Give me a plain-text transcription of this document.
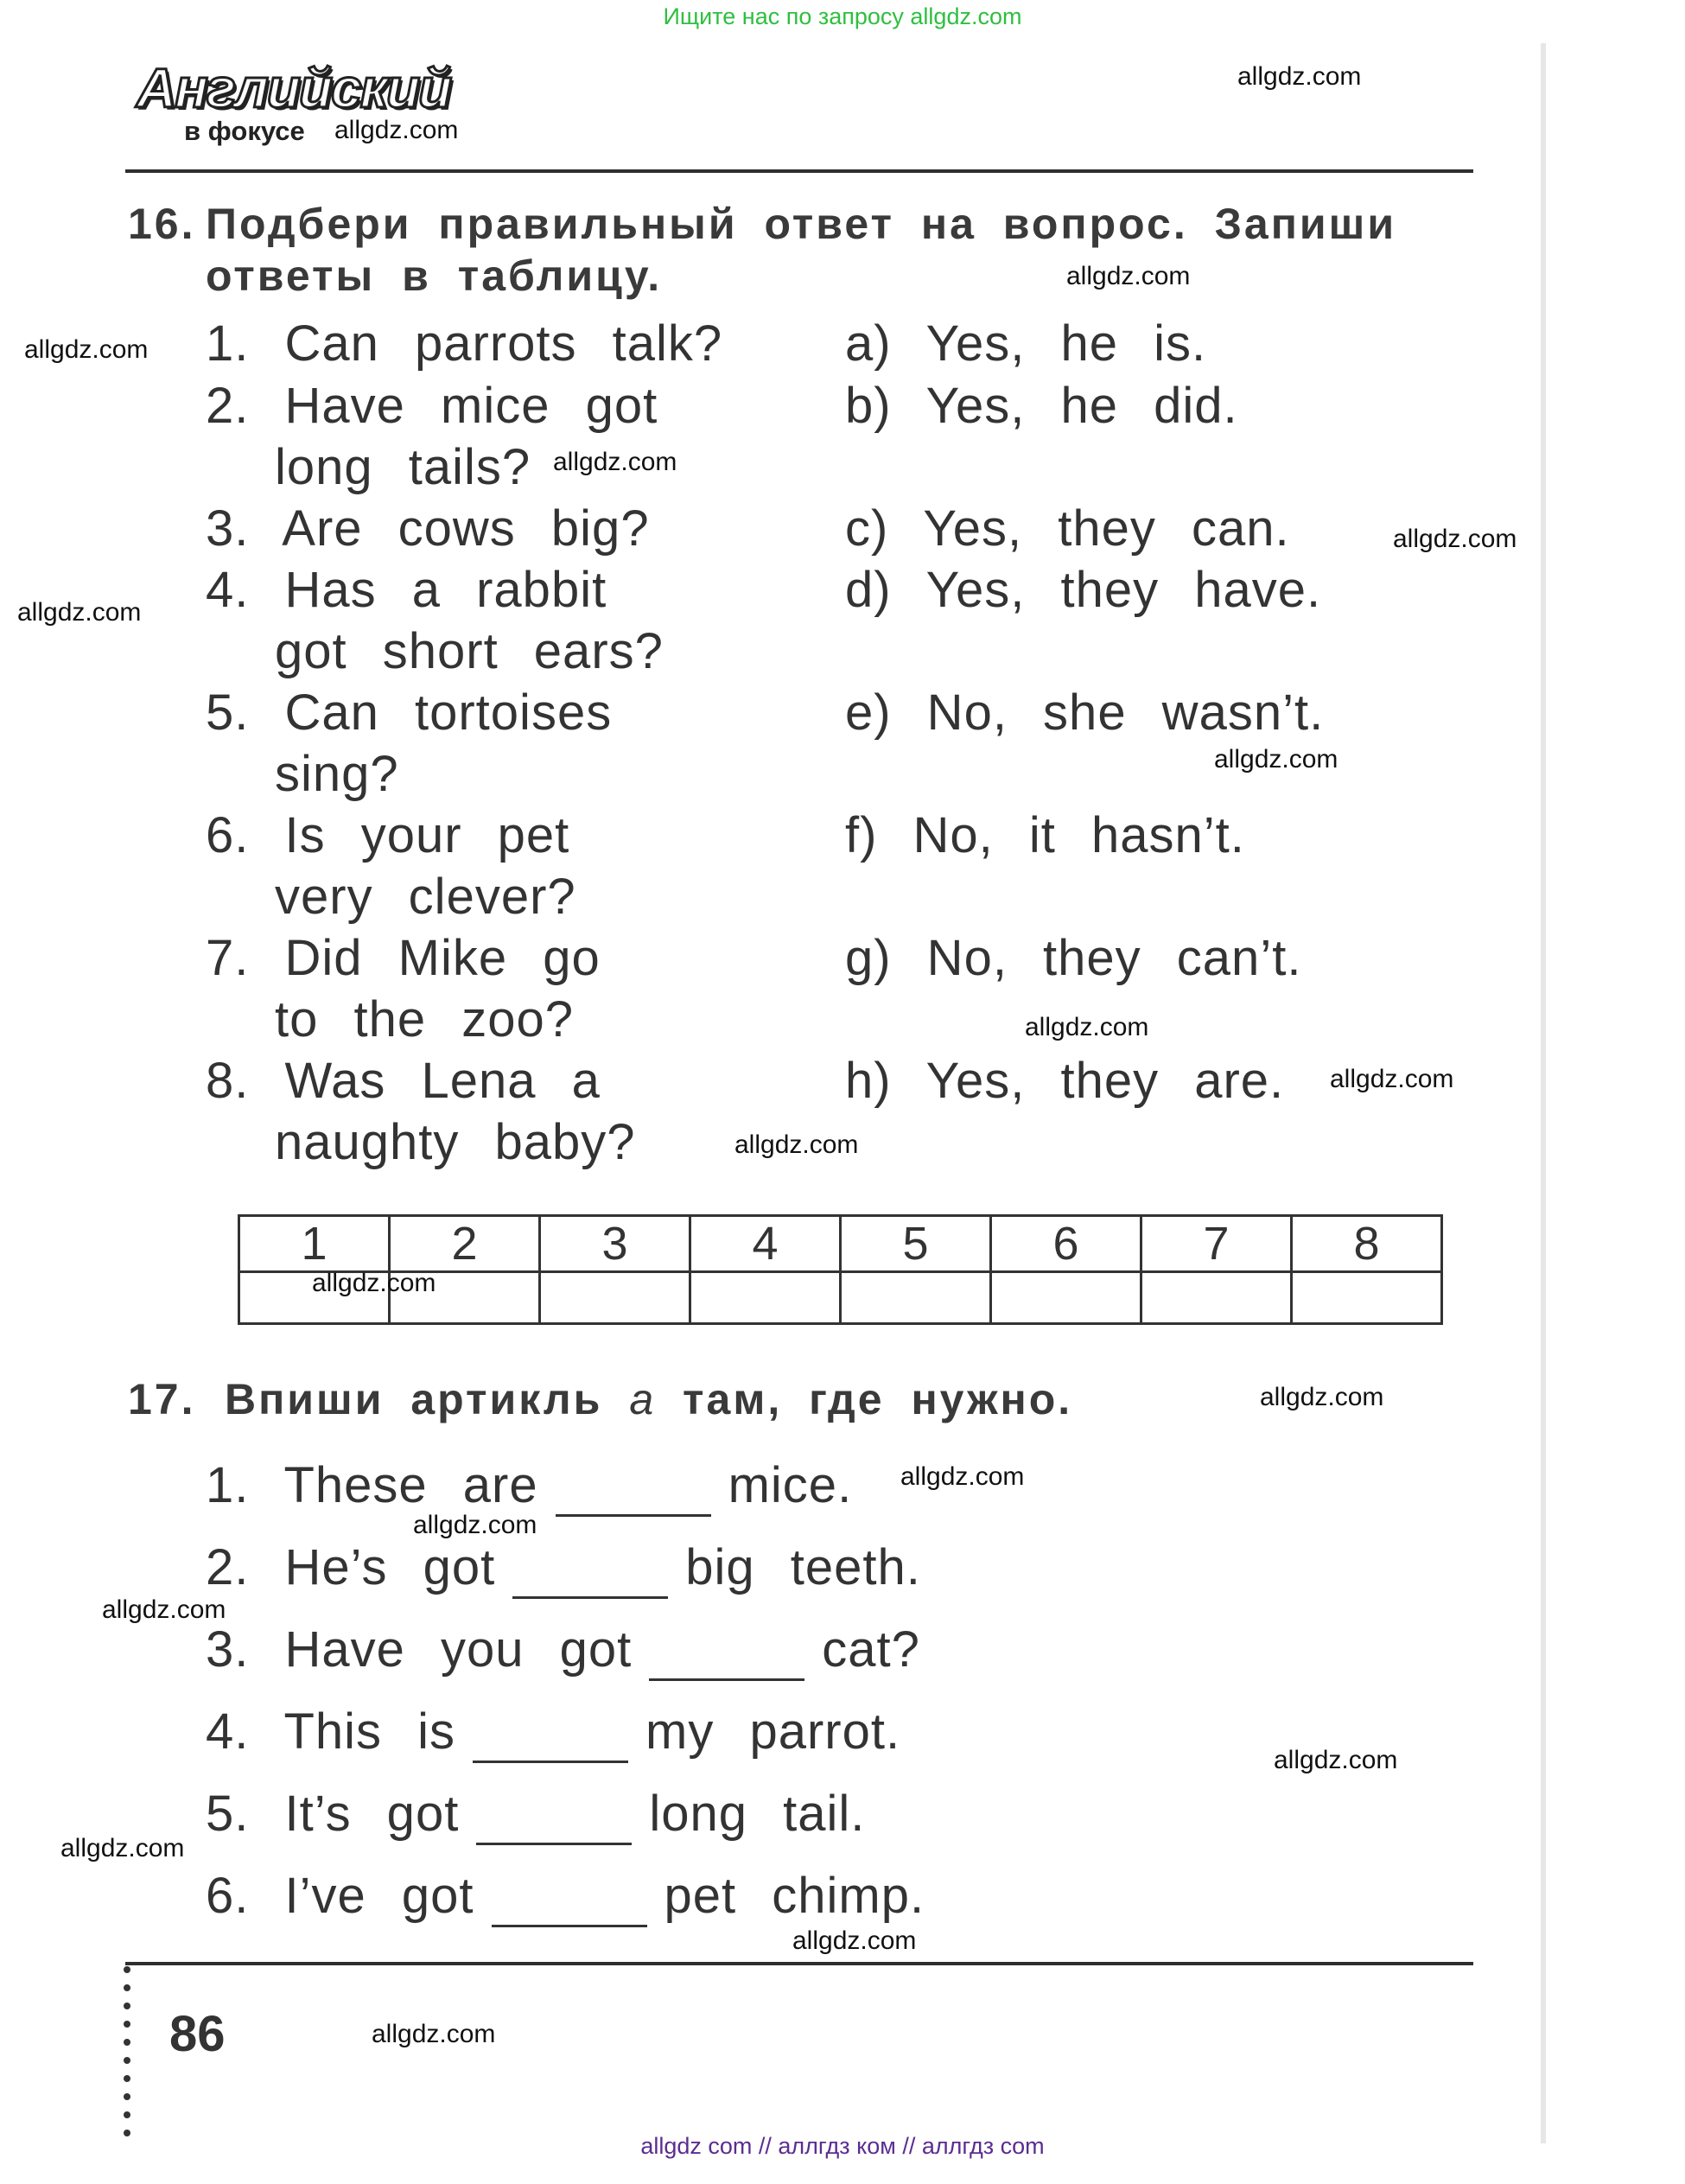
Ищите нас по запросу allgdz.com
Английский
в фокусе
16. Подбери правильный ответ на вопрос. Запиши
ответы в таблицу.
1. Can parrots talk?
2. Have mice got
long tails?
3. Are cows big?
4. Has a rabbit
got short ears?
5. Can tortoises
sing?
6. Is your pet
very clever?
7. Did Mike go
to the zoo?
8. Was Lena a
naughty baby?
a) Yes, he is.
b) Yes, he did.
c) Yes, they can.
d) Yes, they have.
e) No, she wasn’t.
f) No, it hasn’t.
g) No, they can’t.
h) Yes, they are.
1	2	3	4	5	6	7	8

17. Впиши артикль a там, где нужно.
1. These are	mice.
2. He’s got	big teeth.
3. Have you got	cat?
4. This is	my parrot.
5. It’s got	long tail.
6. I’ve got	pet chimp.
86
allgdz.com
allgdz.com
allgdz.com
allgdz.com
allgdz.com
allgdz.com
allgdz.com
allgdz.com
allgdz.com
allgdz.com
allgdz.com
allgdz.com
allgdz.com
allgdz.com
allgdz.com
allgdz.com
allgdz.com
allgdz.com
allgdz.com
allgdz.com
allgdz com // аллгдз ком // аллгдз com
